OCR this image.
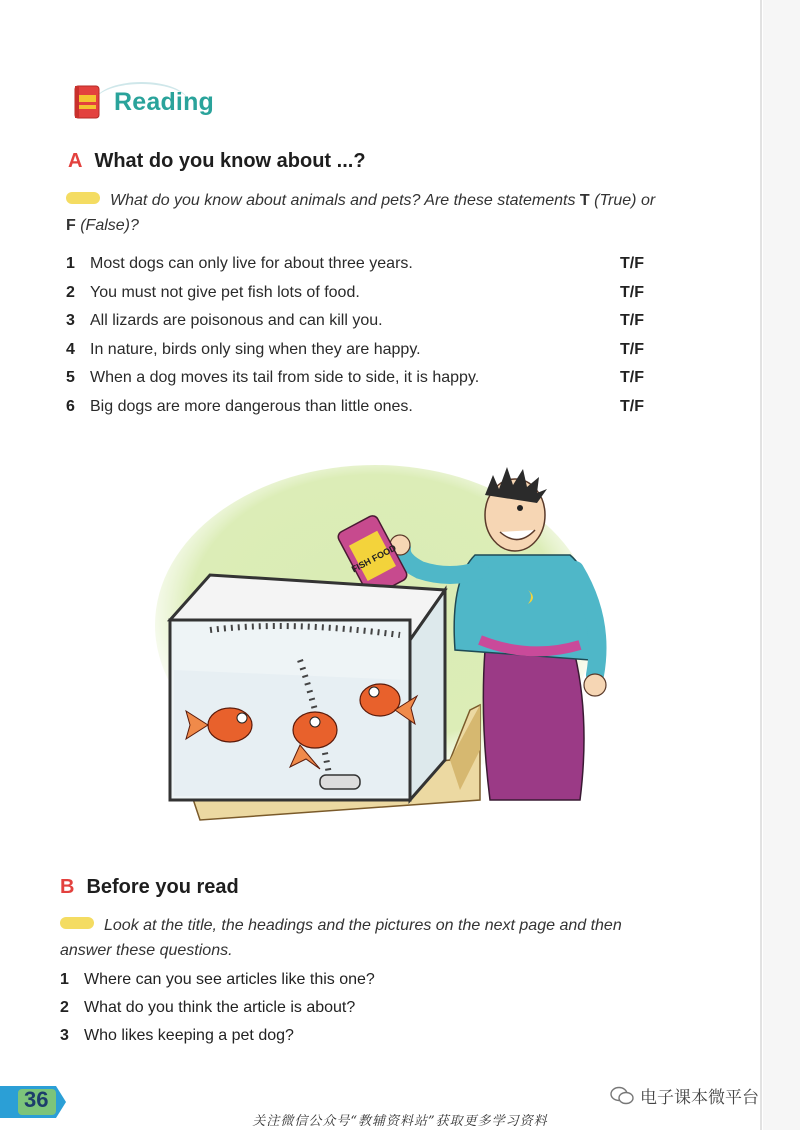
Reading
A What do you know about ...?
What do you know about animals and pets? Are these statements T (True) or
F (False)?
1 Most dogs can only live for about three years.	T/F
2 You must not give pet fish lots of food.	T/F
3 All lizards are poisonous and can kill you.	T/F
4 In nature, birds only sing when they are happy.	T/F
5 When a dog moves its tail from side to side, it is happy.	T/F
6 Big dogs are more dangerous than little ones.	T/F
FISH FOOD
B Before you read
Look at the title, the headings and the pictures on the next page and then
answer these questions.
1 Where can you see articles like this one?
2 What do you think the article is about?
3 Who likes keeping a pet dog?
36	电子课本微平台
关注微信公众号“教辅资料站”获取更多学习资料
